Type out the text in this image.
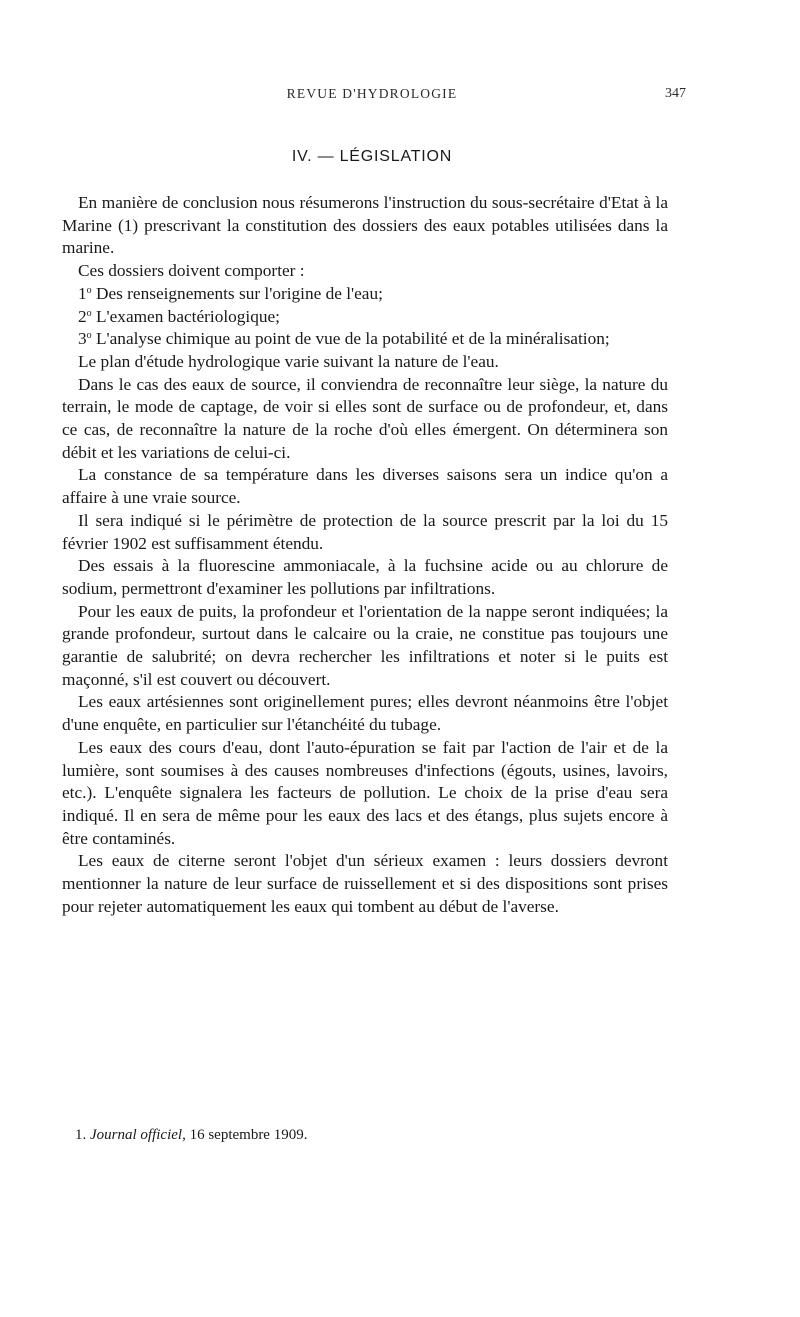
REVUE D'HYDROLOGIE	347
IV. — LÉGISLATION

En manière de conclusion nous résumerons l'instruction du sous-secrétaire d'Etat à la Marine (1) prescrivant la constitution des dossiers des eaux potables utilisées dans la marine.

Ces dossiers doivent comporter :

1$^o$ Des renseignements sur l'origine de l'eau;

2$^o$ L'examen bactériologique;

3$^o$ L'analyse chimique au point de vue de la potabilité et de la minéralisation;

Le plan d'étude hydrologique varie suivant la nature de l'eau.

Dans le cas des eaux de source, il conviendra de reconnaître leur siège, la nature du terrain, le mode de captage, de voir si elles sont de surface ou de profondeur, et, dans ce cas, de reconnaître la nature de la roche d'où elles émergent. On déterminera son débit et les variations de celui-ci.

La constance de sa température dans les diverses saisons sera un indice qu'on a affaire à une vraie source.

Il sera indiqué si le périmètre de protection de la source prescrit par la loi du 15 février 1902 est suffisamment étendu.

Des essais à la fluorescine ammoniacale, à la fuchsine acide ou au chlorure de sodium, permettront d'examiner les pollutions par infiltrations.

Pour les eaux de puits, la profondeur et l'orientation de la nappe seront indiquées; la grande profondeur, surtout dans le calcaire ou la craie, ne constitue pas toujours une garantie de salubrité; on devra rechercher les infiltrations et noter si le puits est maçonné, s'il est couvert ou découvert.

Les eaux artésiennes sont originellement pures; elles devront néanmoins être l'objet d'une enquête, en particulier sur l'étanchéité du tubage.

Les eaux des cours d'eau, dont l'auto-épuration se fait par l'action de l'air et de la lumière, sont soumises à des causes nombreuses d'infections (égouts, usines, lavoirs, etc.). L'enquête signalera les facteurs de pollution. Le choix de la prise d'eau sera indiqué. Il en sera de même pour les eaux des lacs et des étangs, plus sujets encore à être contaminés.

Les eaux de citerne seront l'objet d'un sérieux examen : leurs dossiers devront mentionner la nature de leur surface de ruissellement et si des dispositions sont prises pour rejeter automatiquement les eaux qui tombent au début de l'averse.

1. Journal officiel, 16 septembre 1909.
